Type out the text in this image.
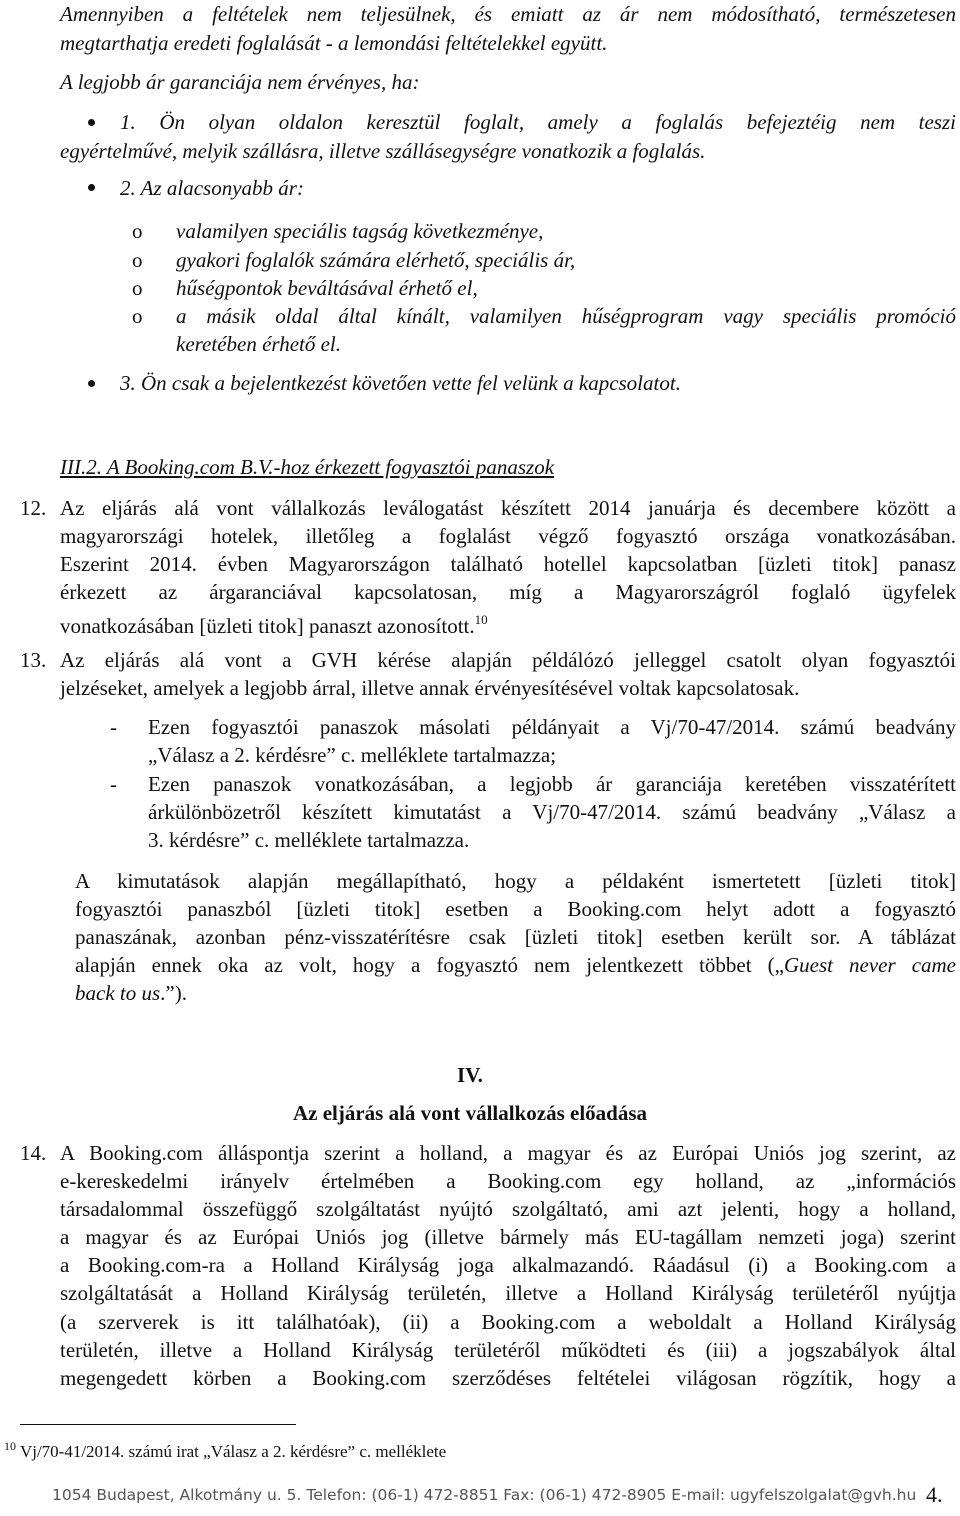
Amennyiben a feltételek nem teljesülnek, és emiatt az ár nem módosítható, természetesen
megtarthatja eredeti foglalását - a lemondási feltételekkel együtt.
A legjobb ár garanciája nem érvényes, ha:
1. Ön olyan oldalon keresztül foglalt, amely a foglalás befejeztéig nem teszi
egyértelművé, melyik szállásra, illetve szállásegységre vonatkozik a foglalás.
2. Az alacsonyabb ár:
o valamilyen speciális tagság következménye,
o gyakori foglalók számára elérhető, speciális ár,
o hűségpontok beváltásával érhető el,
o a másik oldal által kínált, valamilyen hűségprogram vagy speciális promóció
keretében érhető el.
3. Ön csak a bejelentkezést követően vette fel velünk a kapcsolatot.
III.2. A Booking.com B.V.-hoz érkezett fogyasztói panaszok
12. Az eljárás alá vont vállalkozás leválogatást készített 2014 januárja és decembere között a
magyarországi hotelek, illetőleg a foglalást végző fogyasztó országa vonatkozásában.
Eszerint 2014. évben Magyarországon található hotellel kapcsolatban [üzleti titok] panasz
érkezett az árgaranciával kapcsolatosan, míg a Magyarországról foglaló ügyfelek
vonatkozásában [üzleti titok] panaszt azonosított.$^{10}$
13. Az eljárás alá vont a GVH kérése alapján példálózó jelleggel csatolt olyan fogyasztói
jelzéseket, amelyek a legjobb árral, illetve annak érvényesítésével voltak kapcsolatosak.
- Ezen fogyasztói panaszok másolati példányait a Vj/70-47/2014. számú beadvány
„Válasz a 2. kérdésre” c. melléklete tartalmazza;
- Ezen panaszok vonatkozásában, a legjobb ár garanciája keretében visszatérített
árkülönbözetről készített kimutatást a Vj/70-47/2014. számú beadvány „Válasz a
3. kérdésre” c. melléklete tartalmazza.
A kimutatások alapján megállapítható, hogy a példaként ismertetett [üzleti titok]
fogyasztói panaszból [üzleti titok] esetben a Booking.com helyt adott a fogyasztó
panaszának, azonban pénz-visszatérítésre csak [üzleti titok] esetben került sor. A táblázat
alapján ennek oka az volt, hogy a fogyasztó nem jelentkezett többet („Guest never came
back to us.”).
IV.
Az eljárás alá vont vállalkozás előadása
14. A Booking.com álláspontja szerint a holland, a magyar és az Európai Uniós jog szerint, az
e-kereskedelmi irányelv értelmében a Booking.com egy holland, az „információs
társadalommal összefüggő szolgáltatást nyújtó szolgáltató, ami azt jelenti, hogy a holland,
a magyar és az Európai Uniós jog (illetve bármely más EU-tagállam nemzeti joga) szerint
a Booking.com-ra a Holland Királyság joga alkalmazandó. Ráadásul (i) a Booking.com a
szolgáltatását a Holland Királyság területén, illetve a Holland Királyság területéről nyújtja
(a szerverek is itt találhatóak), (ii) a Booking.com a weboldalt a Holland Királyság
területén, illetve a Holland Királyság területéről működteti és (iii) a jogszabályok által
megengedett körben a Booking.com szerződéses feltételei világosan rögzítik, hogy a
$^{10}$ Vj/70-41/2014. számú irat „Válasz a 2. kérdésre” c. melléklete
1054 Budapest, Alkotmány u. 5. Telefon: (06-1) 472-8851 Fax: (06-1) 472-8905 E-mail: ugyfelszolgalat@gvh.hu 4.
